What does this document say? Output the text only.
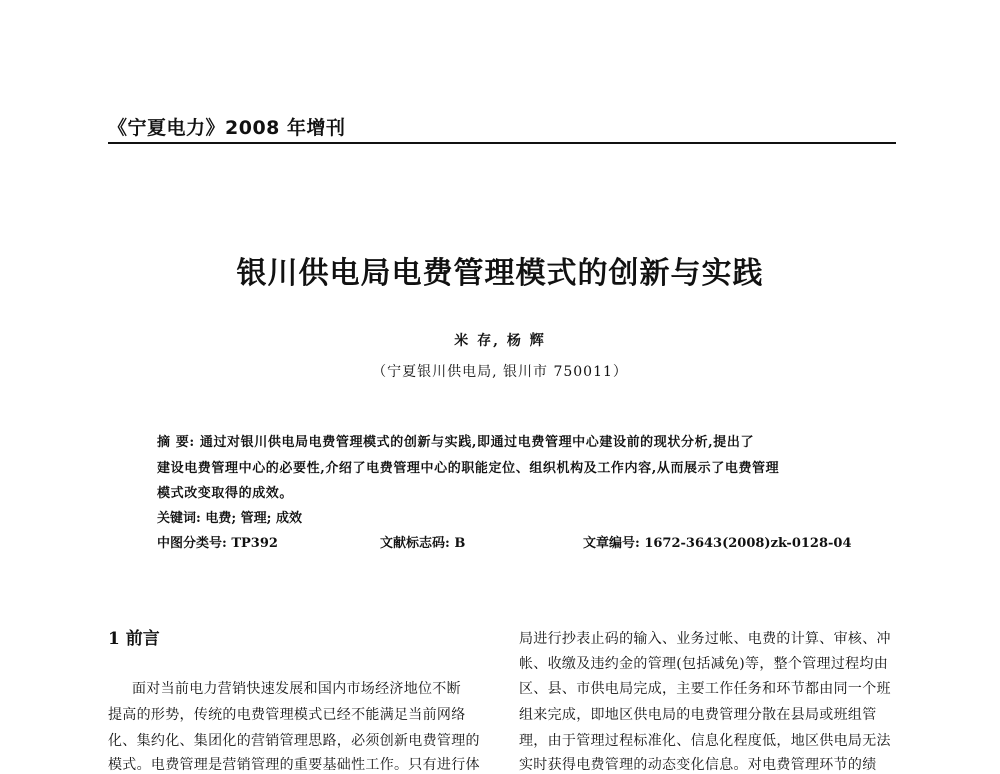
《宁夏电力》2008 年增刊
银川供电局电费管理模式的创新与实践
米 存, 杨 辉
（宁夏银川供电局, 银川市 750011）
摘 要: 通过对银川供电局电费管理模式的创新与实践,即通过电费管理中心建设前的现状分析,提出了
建设电费管理中心的必要性,介绍了电费管理中心的职能定位、组织机构及工作内容,从而展示了电费管理
模式改变取得的成效。
关键词: 电费; 管理; 成效
中图分类号: TP392	文献标志码: B	文章编号: 1672-3643(2008)zk-0128-04
1 前言
面对当前电力营销快速发展和国内市场经济地位不断
提高的形势，传统的电费管理模式已经不能满足当前网络
化、集约化、集团化的营销管理思路，必须创新电费管理的
模式。电费管理是营销管理的重要基础性工作。只有进行体
局进行抄表止码的输入、业务过帐、电费的计算、审核、冲
帐、收缴及违约金的管理(包括减免)等，整个管理过程均由
区、县、市供电局完成，主要工作任务和环节都由同一个班
组来完成，即地区供电局的电费管理分散在县局或班组管
理，由于管理过程标准化、信息化程度低，地区供电局无法
实时获得电费管理的动态变化信息。对电费管理环节的绩
